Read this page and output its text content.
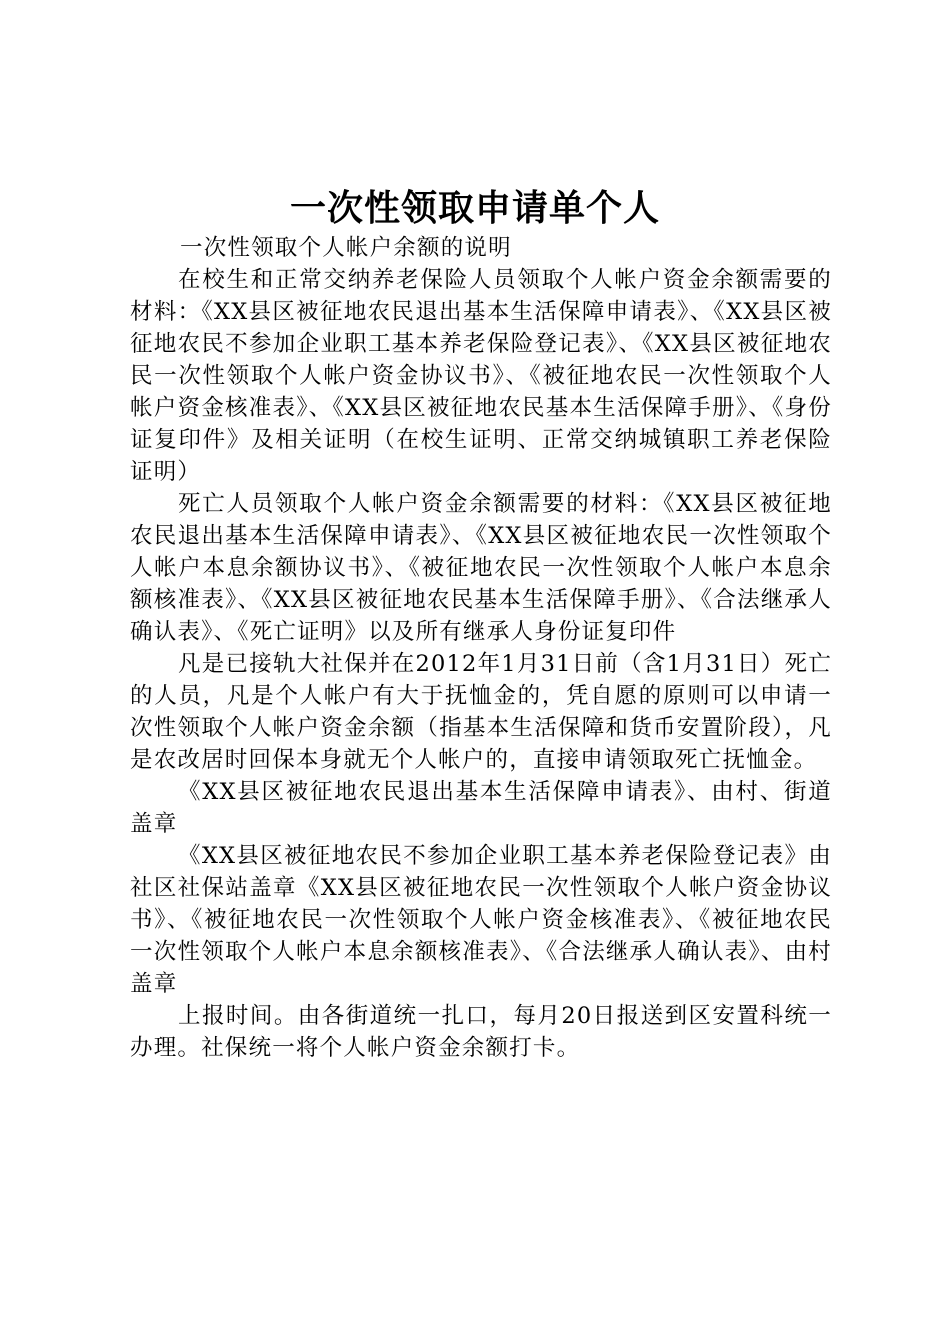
一次性领取申请单个人

一次性领取个人帐户余额的说明

在校生和正常交纳养老保险人员领取个人帐户资金余额需要的材料：《XX县区被征地农民退出基本生活保障申请表》、《XX县区被征地农民不参加企业职工基本养老保险登记表》、《XX县区被征地农民一次性领取个人帐户资金协议书》、《被征地农民一次性领取个人帐户资金核准表》、《XX县区被征地农民基本生活保障手册》、《身份证复印件》及相关证明（在校生证明、正常交纳城镇职工养老保险证明）

死亡人员领取个人帐户资金余额需要的材料：《XX县区被征地农民退出基本生活保障申请表》、《XX县区被征地农民一次性领取个人帐户本息余额协议书》、《被征地农民一次性领取个人帐户本息余额核准表》、《XX县区被征地农民基本生活保障手册》、《合法继承人确认表》、《死亡证明》以及所有继承人身份证复印件

凡是已接轨大社保并在2012年1月31日前（含1月31日）死亡的人员，凡是个人帐户有大于抚恤金的，凭自愿的原则可以申请一次性领取个人帐户资金余额（指基本生活保障和货币安置阶段），凡是农改居时回保本身就无个人帐户的，直接申请领取死亡抚恤金。

《XX县区被征地农民退出基本生活保障申请表》、由村、街道盖章

《XX县区被征地农民不参加企业职工基本养老保险登记表》由社区社保站盖章《XX县区被征地农民一次性领取个人帐户资金协议书》、《被征地农民一次性领取个人帐户资金核准表》、《被征地农民一次性领取个人帐户本息余额核准表》、《合法继承人确认表》、由村盖章

上报时间。由各街道统一扎口，每月20日报送到区安置科统一办理。社保统一将个人帐户资金余额打卡。
